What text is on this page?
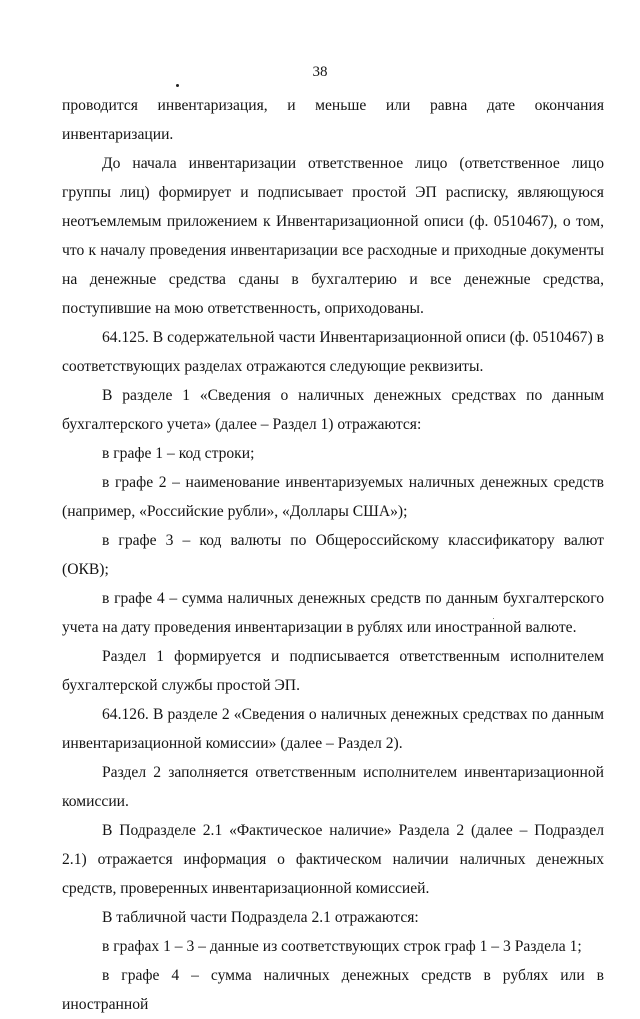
38

проводится инвентаризация, и меньше или равна дате окончания инвентаризации.

До начала инвентаризации ответственное лицо (ответственное лицо группы лиц) формирует и подписывает простой ЭП расписку, являющуюся неотъемлемым приложением к Инвентаризационной описи (ф. 0510467), о том, что к началу проведения инвентаризации все расходные и приходные документы на денежные средства сданы в бухгалтерию и все денежные средства, поступившие на мою ответственность, оприходованы.

64.125. В содержательной части Инвентаризационной описи (ф. 0510467) в соответствующих разделах отражаются следующие реквизиты.

В разделе 1 «Сведения о наличных денежных средствах по данным бухгалтерского учета» (далее – Раздел 1) отражаются:

в графе 1 – код строки;

в графе 2 – наименование инвентаризуемых наличных денежных средств (например, «Российские рубли», «Доллары США»);

в графе 3 – код валюты по Общероссийскому классификатору валют (ОКВ);

в графе 4 – сумма наличных денежных средств по данным бухгалтерского учета на дату проведения инвентаризации в рублях или иностранной валюте.

Раздел 1 формируется и подписывается ответственным исполнителем бухгалтерской службы простой ЭП.

64.126. В разделе 2 «Сведения о наличных денежных средствах по данным инвентаризационной комиссии» (далее – Раздел 2).

Раздел 2 заполняется ответственным исполнителем инвентаризационной комиссии.

В Подразделе 2.1 «Фактическое наличие» Раздела 2 (далее – Подраздел 2.1) отражается информация о фактическом наличии наличных денежных средств, проверенных инвентаризационной комиссией.

В табличной части Подраздела 2.1 отражаются:

в графах 1 – 3 – данные из соответствующих строк граф 1 – 3 Раздела 1;

в графе 4 – сумма наличных денежных средств в рублях или в иностранной
